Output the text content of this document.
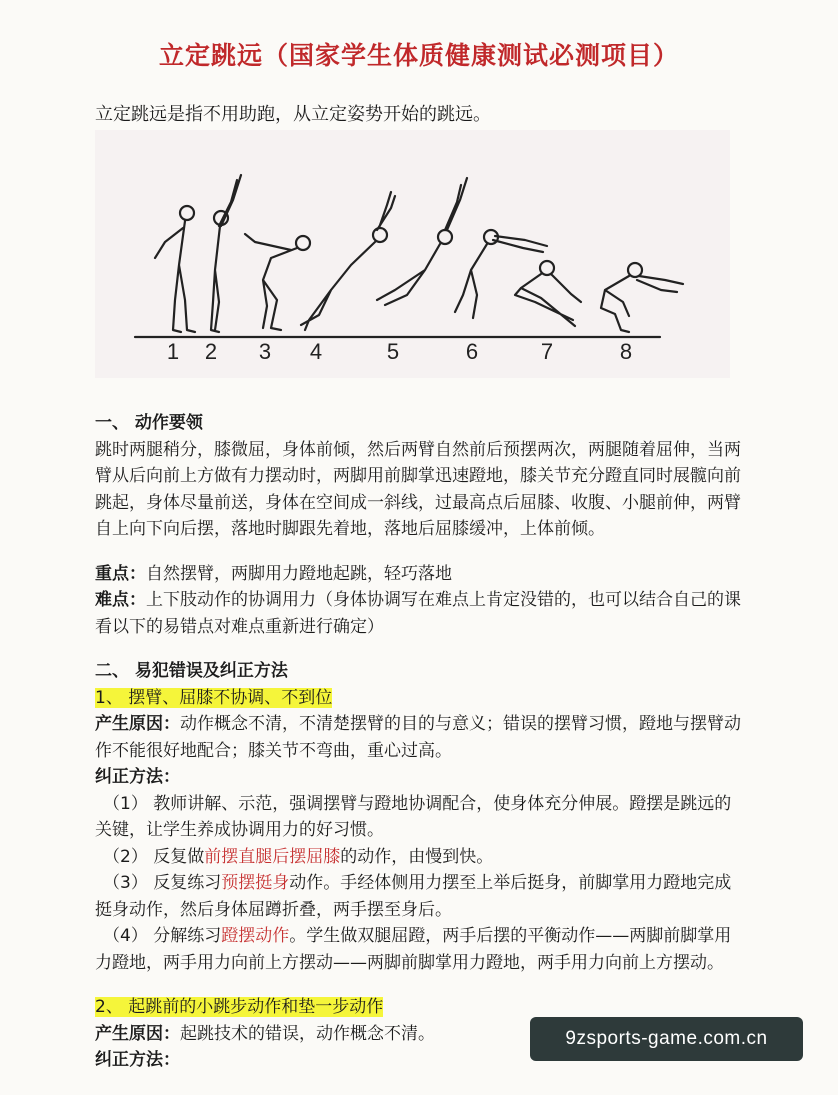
立定跳远（国家学生体质健康测试必测项目）
立定跳远是指不用助跑，从立定姿势开始的跳远。
1 2 3 4	5	6	7	8

一、 动作要领

跳时两腿稍分，膝微屈，身体前倾，然后两臂自然前后预摆两次，两腿随着屈伸，当两臂从后向前上方做有力摆动时，两脚用前脚掌迅速蹬地，膝关节充分蹬直同时展髋向前跳起，身体尽量前送，身体在空间成一斜线，过最高点后屈膝、收腹、小腿前伸，两臂自上向下向后摆，落地时脚跟先着地，落地后屈膝缓冲，上体前倾。

重点：自然摆臂，两脚用力蹬地起跳，轻巧落地

难点：上下肢动作的协调用力（身体协调写在难点上肯定没错的，也可以结合自己的课看以下的易错点对难点重新进行确定）

二、 易犯错误及纠正方法

1、 摆臂、屈膝不协调、不到位

产生原因：动作概念不清，不清楚摆臂的目的与意义；错误的摆臂习惯，蹬地与摆臂动作不能很好地配合；膝关节不弯曲，重心过高。

纠正方法：

（1） 教师讲解、示范，强调摆臂与蹬地协调配合，使身体充分伸展。蹬摆是跳远的关键，让学生养成协调用力的好习惯。

（2） 反复做前摆直腿后摆屈膝的动作，由慢到快。

（3） 反复练习预摆挺身动作。手经体侧用力摆至上举后挺身，前脚掌用力蹬地完成挺身动作，然后身体屈蹲折叠，两手摆至身后。

（4） 分解练习蹬摆动作。学生做双腿屈蹬，两手后摆的平衡动作——两脚前脚掌用力蹬地，两手用力向前上方摆动——两脚前脚掌用力蹬地，两手用力向前上方摆动。

2、 起跳前的小跳步动作和垫一步动作

产生原因：起跳技术的错误，动作概念不清。

纠正方法：

9zsports-game.com.cn
